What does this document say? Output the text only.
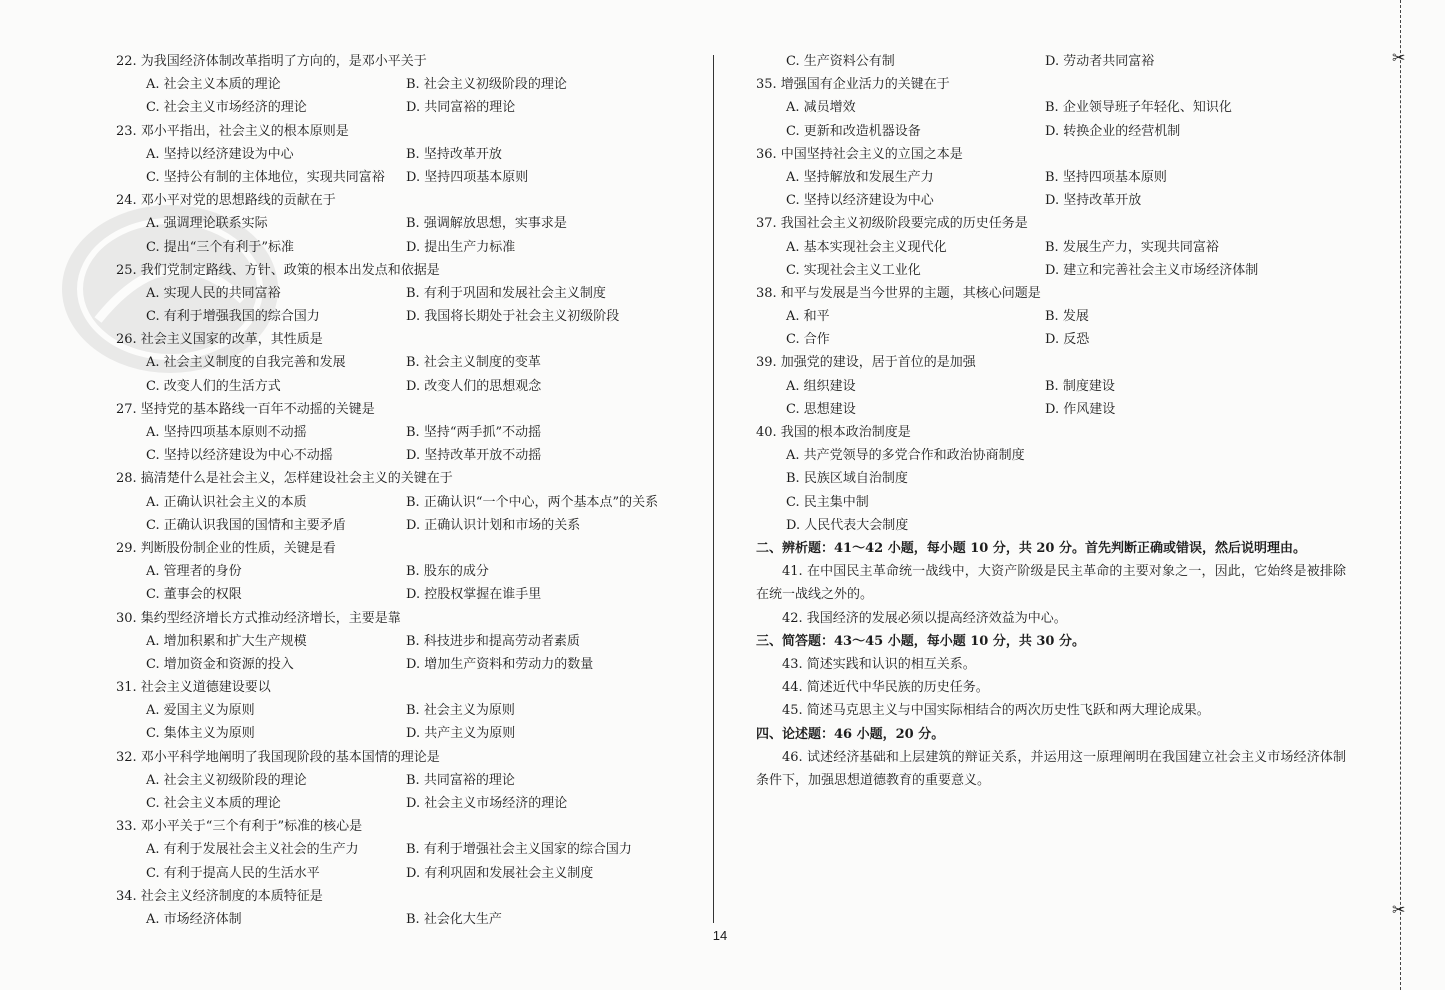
✂
✂
22. 为我国经济体制改革指明了方向的，是邓小平关于
A. 社会主义本质的理论	B. 社会主义初级阶段的理论
C. 社会主义市场经济的理论	D. 共同富裕的理论
23. 邓小平指出，社会主义的根本原则是
A. 坚持以经济建设为中心	B. 坚持改革开放
C. 坚持公有制的主体地位，实现共同富裕 D. 坚持四项基本原则
24. 邓小平对党的思想路线的贡献在于
A. 强调理论联系实际	B. 强调解放思想，实事求是
C. 提出“三个有利于”标准	D. 提出生产力标准
25. 我们党制定路线、方针、政策的根本出发点和依据是
A. 实现人民的共同富裕	B. 有利于巩固和发展社会主义制度
C. 有利于增强我国的综合国力	D. 我国将长期处于社会主义初级阶段
26. 社会主义国家的改革，其性质是
A. 社会主义制度的自我完善和发展	B. 社会主义制度的变革
C. 改变人们的生活方式	D. 改变人们的思想观念
27. 坚持党的基本路线一百年不动摇的关键是
A. 坚持四项基本原则不动摇	B. 坚持“两手抓”不动摇
C. 坚持以经济建设为中心不动摇	D. 坚持改革开放不动摇
28. 搞清楚什么是社会主义，怎样建设社会主义的关键在于
A. 正确认识社会主义的本质	B. 正确认识“一个中心，两个基本点”的关系
C. 正确认识我国的国情和主要矛盾	D. 正确认识计划和市场的关系
29. 判断股份制企业的性质，关键是看
A. 管理者的身份	B. 股东的成分
C. 董事会的权限	D. 控股权掌握在谁手里
30. 集约型经济增长方式推动经济增长，主要是靠
A. 增加积累和扩大生产规模	B. 科技进步和提高劳动者素质
C. 增加资金和资源的投入	D. 增加生产资料和劳动力的数量
31. 社会主义道德建设要以
A. 爱国主义为原则	B. 社会主义为原则
C. 集体主义为原则	D. 共产主义为原则
32. 邓小平科学地阐明了我国现阶段的基本国情的理论是
A. 社会主义初级阶段的理论	B. 共同富裕的理论
C. 社会主义本质的理论	D. 社会主义市场经济的理论
33. 邓小平关于“三个有利于”标准的核心是
A. 有利于发展社会主义社会的生产力	B. 有利于增强社会主义国家的综合国力
C. 有利于提高人民的生活水平	D. 有利巩固和发展社会主义制度
34. 社会主义经济制度的本质特征是
A. 市场经济体制	B. 社会化大生产
C. 生产资料公有制	D. 劳动者共同富裕
35. 增强国有企业活力的关键在于
A. 减员增效	B. 企业领导班子年轻化、知识化
C. 更新和改造机器设备	D. 转换企业的经营机制
36. 中国坚持社会主义的立国之本是
A. 坚持解放和发展生产力	B. 坚持四项基本原则
C. 坚持以经济建设为中心	D. 坚持改革开放
37. 我国社会主义初级阶段要完成的历史任务是
A. 基本实现社会主义现代化	B. 发展生产力，实现共同富裕
C. 实现社会主义工业化	D. 建立和完善社会主义市场经济体制
38. 和平与发展是当今世界的主题，其核心问题是
A. 和平	B. 发展
C. 合作	D. 反恐
39. 加强党的建设，居于首位的是加强
A. 组织建设	B. 制度建设
C. 思想建设	D. 作风建设
40. 我国的根本政治制度是
A. 共产党领导的多党合作和政治协商制度
B. 民族区域自治制度
C. 民主集中制
D. 人民代表大会制度
二、辨析题：41～42 小题，每小题 10 分，共 20 分。首先判断正确或错误，然后说明理由。
41. 在中国民主革命统一战线中，大资产阶级是民主革命的主要对象之一，因此，它始终是被排除在统一战线之外的。
42. 我国经济的发展必须以提高经济效益为中心。
三、简答题：43～45 小题，每小题 10 分，共 30 分。
43. 简述实践和认识的相互关系。
44. 简述近代中华民族的历史任务。
45. 简述马克思主义与中国实际相结合的两次历史性飞跃和两大理论成果。
四、论述题：46 小题，20 分。
46. 试述经济基础和上层建筑的辩证关系，并运用这一原理阐明在我国建立社会主义市场经济体制条件下，加强思想道德教育的重要意义。
14
